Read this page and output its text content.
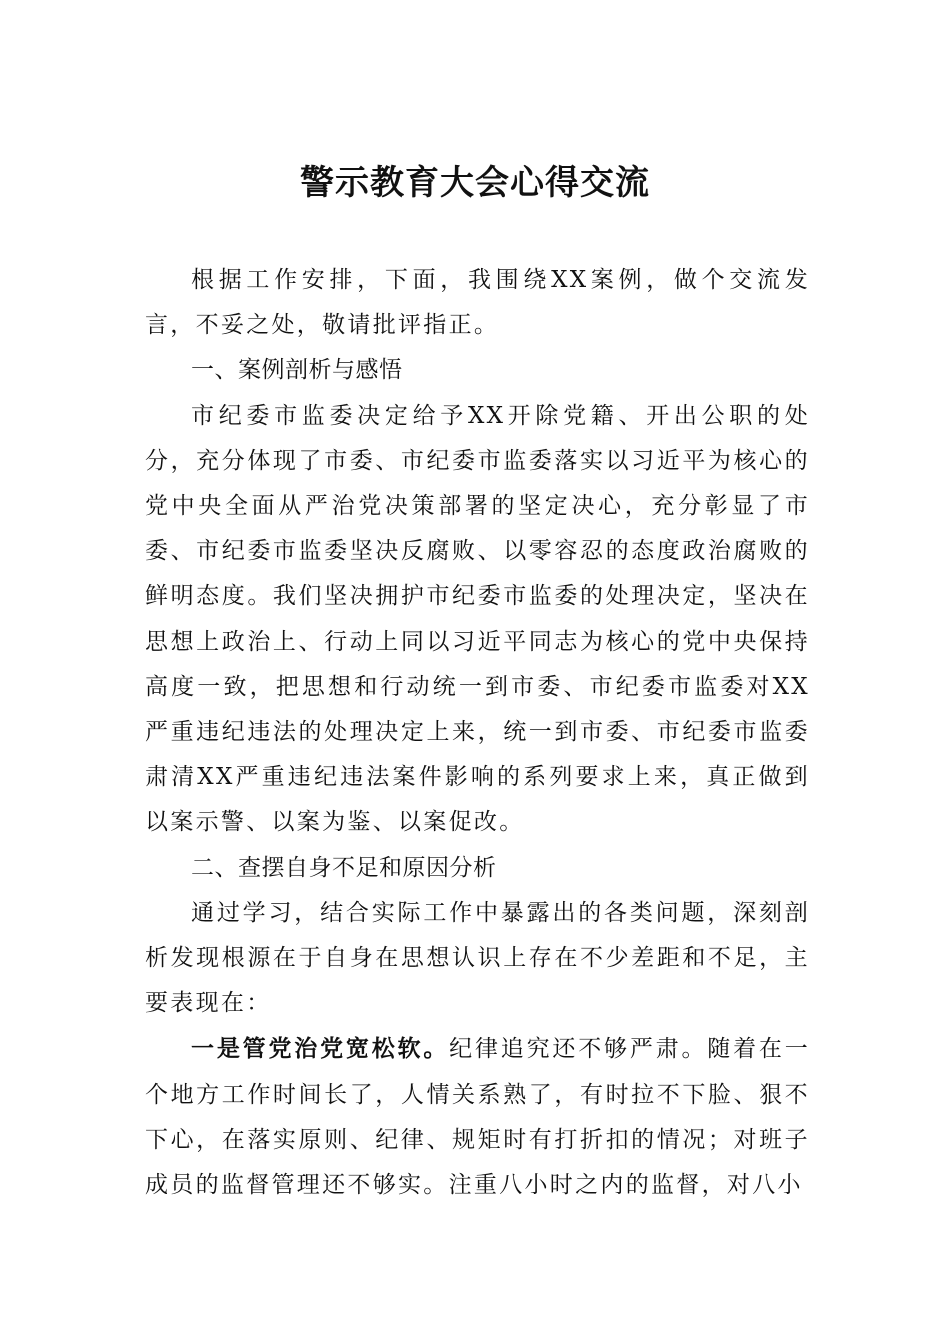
警示教育大会心得交流

根据工作安排，下面，我围绕XX案例，做个交流发言，不妥之处，敬请批评指正。

一、案例剖析与感悟

市纪委市监委决定给予XX开除党籍、开出公职的处分，充分体现了市委、市纪委市监委落实以习近平为核心的党中央全面从严治党决策部署的坚定决心，充分彰显了市委、市纪委市监委坚决反腐败、以零容忍的态度政治腐败的鲜明态度。我们坚决拥护市纪委市监委的处理决定，坚决在思想上政治上、行动上同以习近平同志为核心的党中央保持高度一致，把思想和行动统一到市委、市纪委市监委对XX严重违纪违法的处理决定上来，统一到市委、市纪委市监委肃清XX严重违纪违法案件影响的系列要求上来，真正做到以案示警、以案为鉴、以案促改。

二、查摆自身不足和原因分析

通过学习，结合实际工作中暴露出的各类问题，深刻剖析发现根源在于自身在思想认识上存在不少差距和不足，主要表现在：

一是管党治党宽松软。纪律追究还不够严肃。随着在一个地方工作时间长了，人情关系熟了，有时拉不下脸、狠不下心，在落实原则、纪律、规矩时有打折扣的情况；对班子成员的监督管理还不够实。注重八小时之内的监督，对八小
